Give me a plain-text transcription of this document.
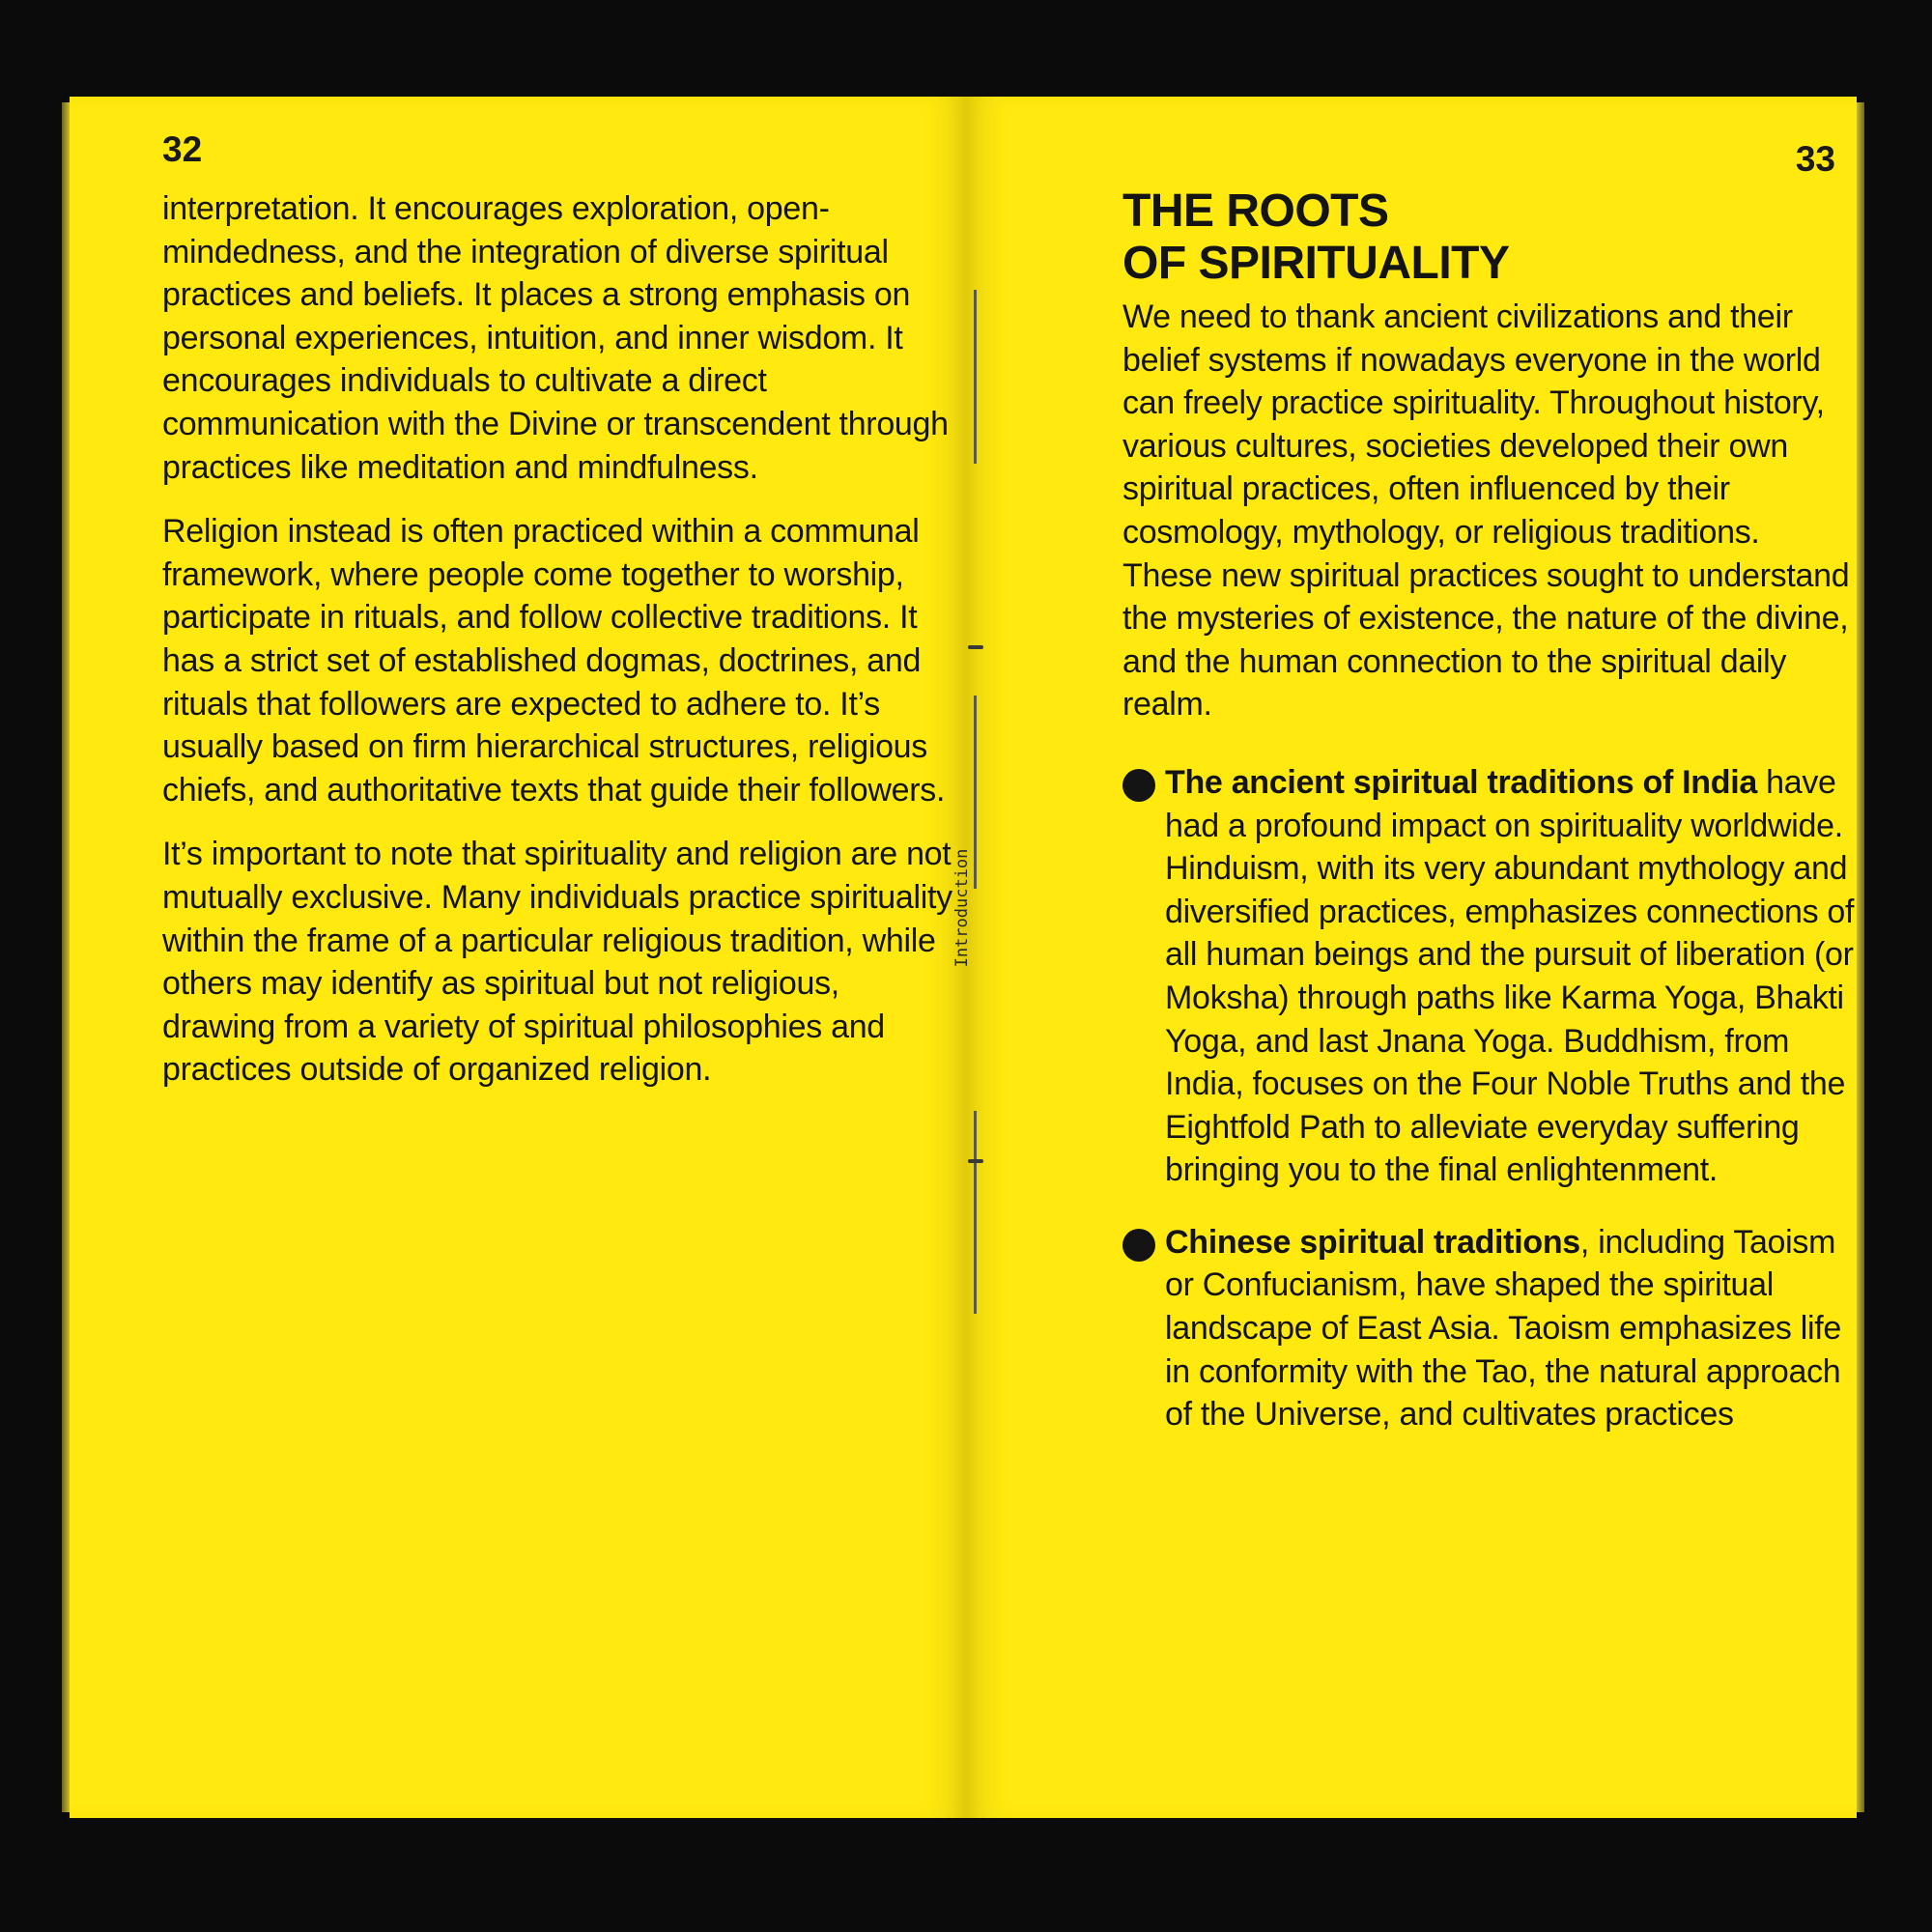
32

interpretation. It encourages exploration, open-mindedness, and the integration of diverse spiritual practices and beliefs. It places a strong emphasis on personal experiences, intuition, and inner wisdom. It encourages individuals to cultivate a direct communication with the Divine or transcendent through practices like meditation and mindfulness.

Religion instead is often practiced within a communal framework, where people come together to worship, participate in rituals, and follow collective traditions. It has a strict set of established dogmas, doctrines, and rituals that followers are expected to adhere to. It’s usually based on firm hierarchical structures, religious chiefs, and authoritative texts that guide their followers.

It’s important to note that spirituality and religion are not mutually exclusive. Many individuals practice spirituality within the frame of a particular religious tradition, while others may identify as spiritual but not religious, drawing from a variety of spiritual philosophies and practices outside of organized religion.

33
Introduction
THE ROOTS
OF SPIRITUALITY

We need to thank ancient civilizations and their belief systems if nowadays everyone in the world can freely practice spirituality. Throughout history, various cultures, societies developed their own spiritual practices, often influenced by their cosmology, mythology, or religious traditions. These new spiritual practices sought to understand the mysteries of existence, the nature of the divine, and the human connection to the spiritual daily realm.

The ancient spiritual traditions of India have had a profound impact on spirituality worldwide. Hinduism, with its very abundant mythology and diversified practices, emphasizes connections of all human beings and the pursuit of liberation (or Moksha) through paths like Karma Yoga, Bhakti Yoga, and last Jnana Yoga. Buddhism, from India, focuses on the Four Noble Truths and the Eightfold Path to alleviate everyday suffering bringing you to the final enlightenment.
Chinese spiritual traditions, including Taoism or Confucianism, have shaped the spiritual landscape of East Asia. Taoism emphasizes life in conformity with the Tao, the natural approach of the Universe, and cultivates practices
